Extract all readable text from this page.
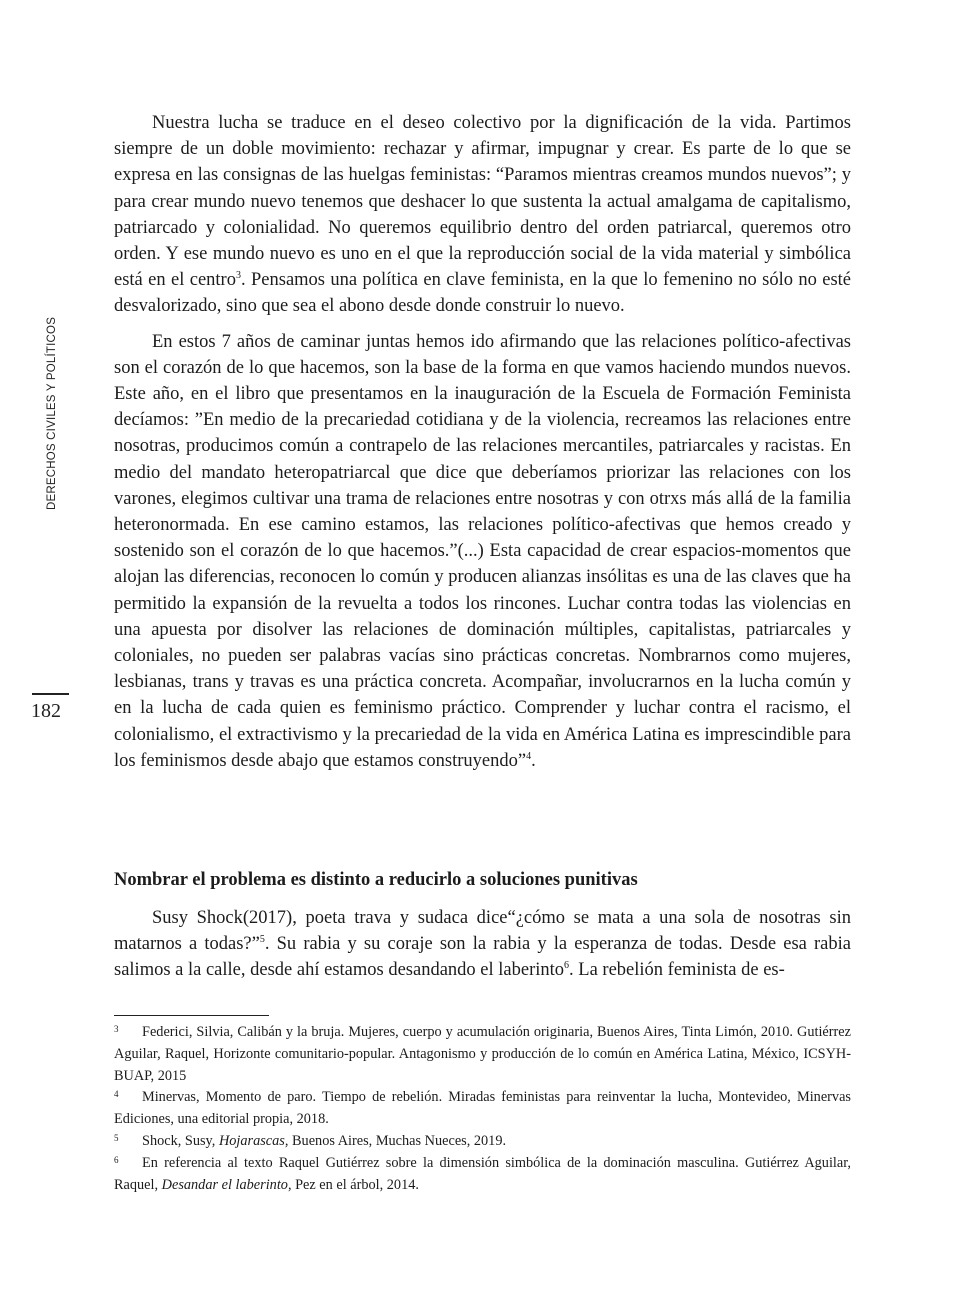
DERECHOS CIVILES Y POLÍTICOS
182

Nuestra lucha se traduce en el deseo colectivo por la dignificación de la vida. Partimos siempre de un doble movimiento: rechazar y afirmar, impugnar y crear. Es parte de lo que se expresa en las consignas de las huelgas feministas: “Paramos mientras creamos mundos nuevos”; y para crear mundo nuevo tenemos que deshacer lo que sustenta la actual amalgama de capitalismo, patriarcado y colonialidad. No queremos equilibrio dentro del orden patriarcal, queremos otro orden. Y ese mundo nuevo es uno en el que la reproducción social de la vida material y simbólica está en el centro$^3$. Pensamos una política en clave feminista, en la que lo femenino no sólo no esté desvalorizado, sino que sea el abono desde donde construir lo nuevo.

En estos 7 años de caminar juntas hemos ido afirmando que las relaciones político-afectivas son el corazón de lo que hacemos, son la base de la forma en que vamos haciendo mundos nuevos. Este año, en el libro que presentamos en la inauguración de la Escuela de Formación Feminista decíamos: ”En medio de la precariedad cotidiana y de la violencia, recreamos las relaciones entre nosotras, producimos común a contrapelo de las relaciones mercantiles, patriarcales y racistas. En medio del mandato heteropatriarcal que dice que deberíamos priorizar las relaciones con los varones, elegimos cultivar una trama de relaciones entre nosotras y con otrxs más allá de la familia heteronormada. En ese camino estamos, las relaciones político-afectivas que hemos creado y sostenido son el corazón de lo que hacemos.”(...) Esta capacidad de crear espacios-momentos que alojan las diferencias, reconocen lo común y producen alianzas insólitas es una de las claves que ha permitido la expansión de la revuelta a todos los rincones. Luchar contra todas las violencias en una apuesta por disolver las relaciones de dominación múltiples, capitalistas, patriarcales y coloniales, no pueden ser palabras vacías sino prácticas concretas. Nombrarnos como mujeres, lesbianas, trans y travas es una práctica concreta. Acompañar, involucrarnos en la lucha común y en la lucha de cada quien es feminismo práctico. Comprender y luchar contra el racismo, el colonialismo, el extractivismo y la precariedad de la vida en América Latina es imprescindible para los feminismos desde abajo que estamos construyendo”$^4$.

Nombrar el problema es distinto a reducirlo a soluciones punitivas

Susy Shock(2017), poeta trava y sudaca dice“¿cómo se mata a una sola de nosotras sin matarnos a todas?”$^5$. Su rabia y su coraje son la rabia y la esperanza de todas. Desde esa rabia salimos a la calle, desde ahí estamos desandando el laberinto$^6$. La rebelión feminista de es-

3	Federici, Silvia, Calibán y la bruja. Mujeres, cuerpo y acumulación originaria, Buenos Aires, Tinta Limón, 2010. Gutiérrez Aguilar, Raquel, Horizonte comunitario-popular. Antagonismo y producción de lo común en América Latina, México, ICSYH-BUAP, 2015
4	Minervas, Momento de paro. Tiempo de rebelión. Miradas feministas para reinventar la lucha, Montevideo, Minervas Ediciones, una editorial propia, 2018.
5	Shock, Susy, Hojarascas, Buenos Aires, Muchas Nueces, 2019.
6	En referencia al texto Raquel Gutiérrez sobre la dimensión simbólica de la dominación masculina. Gutiérrez Aguilar, Raquel, Desandar el laberinto, Pez en el árbol, 2014.
